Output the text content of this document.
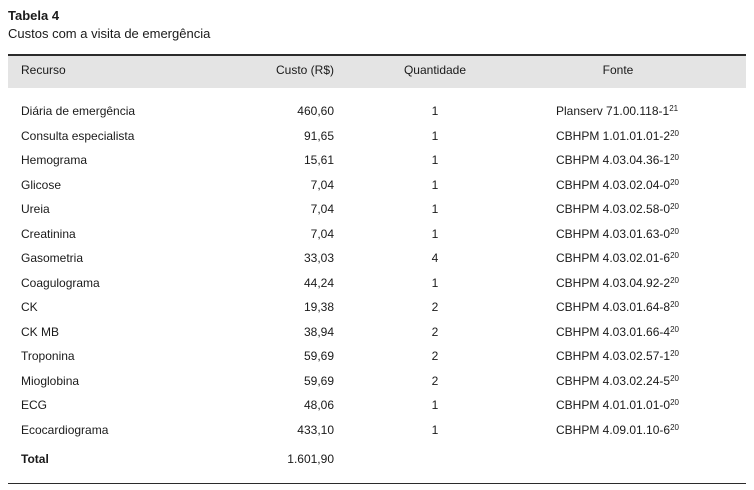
Tabela 4
Custos com a visita de emergência
Recurso	Custo (R$)	Quantidade	Fonte
Diária de emergência	460,60	1	Planserv $71.00.118-1^{21}$
Consulta especialista	91,65	1	CBHPM $1.01.01.01-2^{20}$
Hemograma	15,61	1	CBHPM $4.03.04.36-1^{20}$
Glicose	7,04	1	CBHPM $4.03.02.04-0^{20}$
Ureia	7,04	1	CBHPM $4.03.02.58-0^{20}$
Creatinina	7,04	1	CBHPM $4.03.01.63-0^{20}$
Gasometria	33,03	4	CBHPM $4.03.02.01-6^{20}$
Coagulograma	44,24	1	CBHPM $4.03.04.92-2^{20}$
CK	19,38	2	CBHPM $4.03.01.64-8^{20}$
CK MB	38,94	2	CBHPM $4.03.01.66-4^{20}$
Troponina	59,69	2	CBHPM $4.03.02.57-1^{20}$
Mioglobina	59,69	2	CBHPM $4.03.02.24-5^{20}$
ECG	48,06	1	CBHPM $4.01.01.01-0^{20}$
Ecocardiograma	433,10	1	CBHPM $4.09.01.10-6^{20}$
Total	1.601,90
